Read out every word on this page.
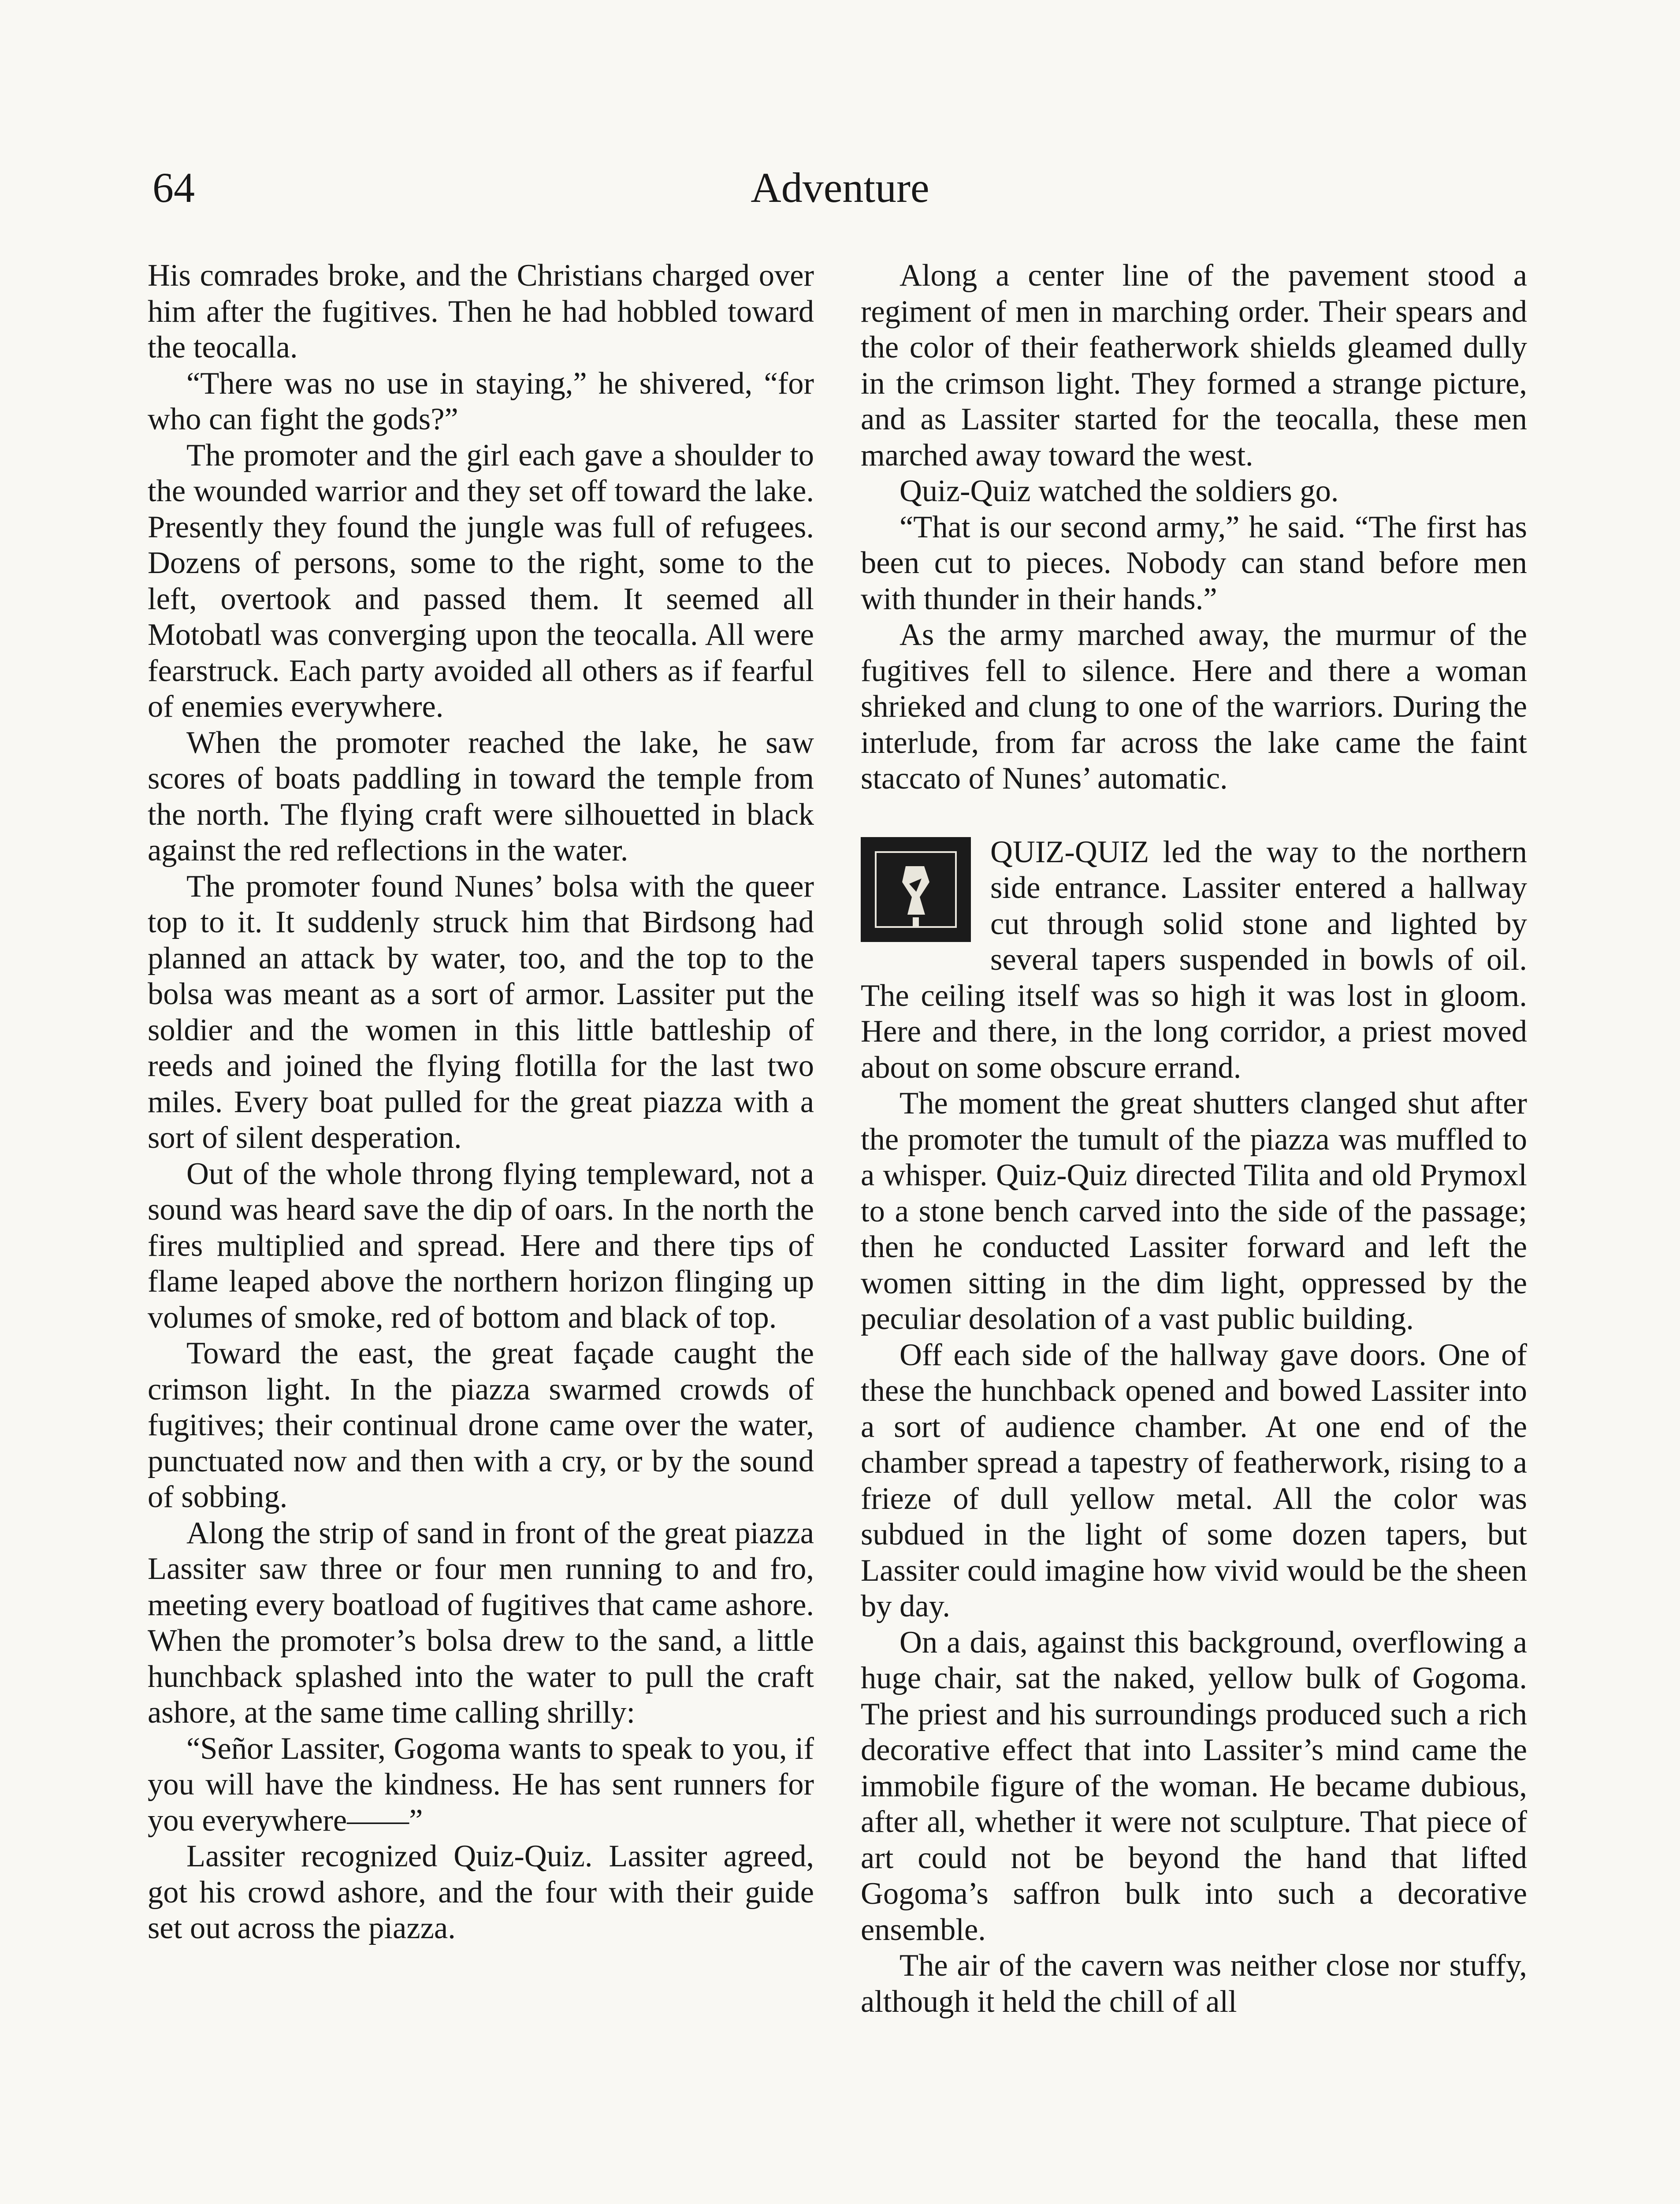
64	Adventure

His comrades broke, and the Christians charged over him after the fugitives. Then he had hobbled toward the teocalla.

“There was no use in staying,” he shivered, “for who can fight the gods?”

The promoter and the girl each gave a shoulder to the wounded warrior and they set off toward the lake. Presently they found the jungle was full of refugees. Dozens of persons, some to the right, some to the left, overtook and passed them. It seemed all Motobatl was converging upon the teocalla. All were fearstruck. Each party avoided all others as if fearful of enemies everywhere.

When the promoter reached the lake, he saw scores of boats paddling in toward the temple from the north. The flying craft were silhouetted in black against the red reflections in the water.

The promoter found Nunes’ bolsa with the queer top to it. It suddenly struck him that Birdsong had planned an attack by water, too, and the top to the bolsa was meant as a sort of armor. Lassiter put the soldier and the women in this little battleship of reeds and joined the flying flotilla for the last two miles. Every boat pulled for the great piazza with a sort of silent desperation.

Out of the whole throng flying templeward, not a sound was heard save the dip of oars. In the north the fires multiplied and spread. Here and there tips of flame leaped above the northern horizon flinging up volumes of smoke, red of bottom and black of top.

Toward the east, the great façade caught the crimson light. In the piazza swarmed crowds of fugitives; their continual drone came over the water, punctuated now and then with a cry, or by the sound of sobbing.

Along the strip of sand in front of the great piazza Lassiter saw three or four men running to and fro, meeting every boatload of fugitives that came ashore. When the promoter’s bolsa drew to the sand, a little hunchback splashed into the water to pull the craft ashore, at the same time calling shrilly:

“Señor Lassiter, Gogoma wants to speak to you, if you will have the kindness. He has sent runners for you everywhere——”

Lassiter recognized Quiz-Quiz. Lassiter agreed, got his crowd ashore, and the four with their guide set out across the piazza.

Along a center line of the pavement stood a regiment of men in marching order. Their spears and the color of their featherwork shields gleamed dully in the crimson light. They formed a strange picture, and as Lassiter started for the teocalla, these men marched away toward the west.

Quiz-Quiz watched the soldiers go.

“That is our second army,” he said. “The first has been cut to pieces. Nobody can stand before men with thunder in their hands.”

As the army marched away, the murmur of the fugitives fell to silence. Here and there a woman shrieked and clung to one of the warriors. During the interlude, from far across the lake came the faint staccato of Nunes’ automatic.

QUIZ-QUIZ led the way to the northern side entrance. Lassiter entered a hallway cut through solid stone and lighted by several tapers suspended in bowls of oil. The ceiling itself was so high it was lost in gloom. Here and there, in the long corridor, a priest moved about on some obscure errand.

The moment the great shutters clanged shut after the promoter the tumult of the piazza was muffled to a whisper. Quiz-Quiz directed Tilita and old Prymoxl to a stone bench carved into the side of the passage; then he conducted Lassiter forward and left the women sitting in the dim light, oppressed by the peculiar desolation of a vast public building.

Off each side of the hallway gave doors. One of these the hunchback opened and bowed Lassiter into a sort of audience chamber. At one end of the chamber spread a tapestry of featherwork, rising to a frieze of dull yellow metal. All the color was subdued in the light of some dozen tapers, but Lassiter could imagine how vivid would be the sheen by day.

On a dais, against this background, overflowing a huge chair, sat the naked, yellow bulk of Gogoma. The priest and his surroundings produced such a rich decorative effect that into Lassiter’s mind came the immobile figure of the woman. He became dubious, after all, whether it were not sculpture. That piece of art could not be beyond the hand that lifted Gogoma’s saffron bulk into such a decorative ensemble.

The air of the cavern was neither close nor stuffy, although it held the chill of all
